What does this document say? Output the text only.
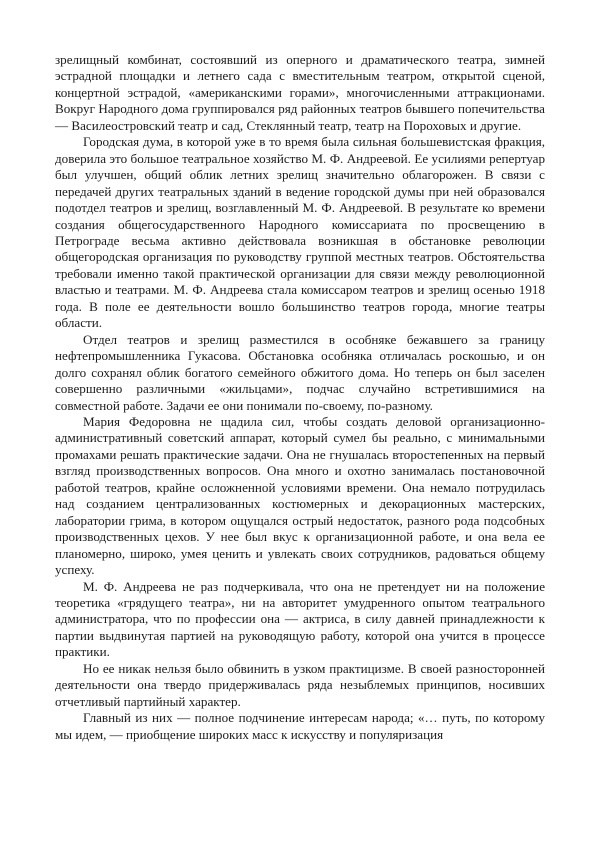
зрелищный комбинат, состоявший из оперного и драматического театра, зимней эстрадной площадки и летнего сада с вместительным театром, открытой сценой, концертной эстрадой, «американскими горами», многочисленными аттракционами. Вокруг Народного дома группировался ряд районных театров бывшего попечительства — Василеостровский театр и сад, Стеклянный театр, театр на Пороховых и другие.

Городская дума, в которой уже в то время была сильная большевистская фракция, доверила это большое театральное хозяйство М. Ф. Андреевой. Ее усилиями репертуар был улучшен, общий облик летних зрелищ значительно облагорожен. В связи с передачей других театральных зданий в ведение городской думы при ней образовался подотдел театров и зрелищ, возглавленный М. Ф. Андреевой. В результате ко времени создания общегосударственного Народного комиссариата по просвещению в Петрограде весьма активно действовала возникшая в обстановке революции общегородская организация по руководству группой местных театров. Обстоятельства требовали именно такой практической организации для связи между революционной властью и театрами. М. Ф. Андреева стала комиссаром театров и зрелищ осенью 1918 года. В поле ее деятельности вошло большинство театров города, многие театры области.

Отдел театров и зрелищ разместился в особняке бежавшего за границу нефтепромышленника Гукасова. Обстановка особняка отличалась роскошью, и он долго сохранял облик богатого семейного обжитого дома. Но теперь он был заселен совершенно различными «жильцами», подчас случайно встретившимися на совместной работе. Задачи ее они понимали по-своему, по-разному.

Мария Федоровна не щадила сил, чтобы создать деловой организационно-административный советский аппарат, который сумел бы реально, с минимальными промахами решать практические задачи. Она не гнушалась второстепенных на первый взгляд производственных вопросов. Она много и охотно занималась постановочной работой театров, крайне осложненной условиями времени. Она немало потрудилась над созданием централизованных костюмерных и декорационных мастерских, лаборатории грима, в котором ощущался острый недостаток, разного рода подсобных производственных цехов. У нее был вкус к организационной работе, и она вела ее планомерно, широко, умея ценить и увлекать своих сотрудников, радоваться общему успеху.

М. Ф. Андреева не раз подчеркивала, что она не претендует ни на положение теоретика «грядущего театра», ни на авторитет умудренного опытом театрального администратора, что по профессии она — актриса, в силу давней принадлежности к партии выдвинутая партией на руководящую работу, которой она учится в процессе практики.

Но ее никак нельзя было обвинить в узком практицизме. В своей разносторонней деятельности она твердо придерживалась ряда незыблемых принципов, носивших отчетливый партийный характер.

Главный из них — полное подчинение интересам народа; «… путь, по которому мы идем, — приобщение широких масс к искусству и популяризация
